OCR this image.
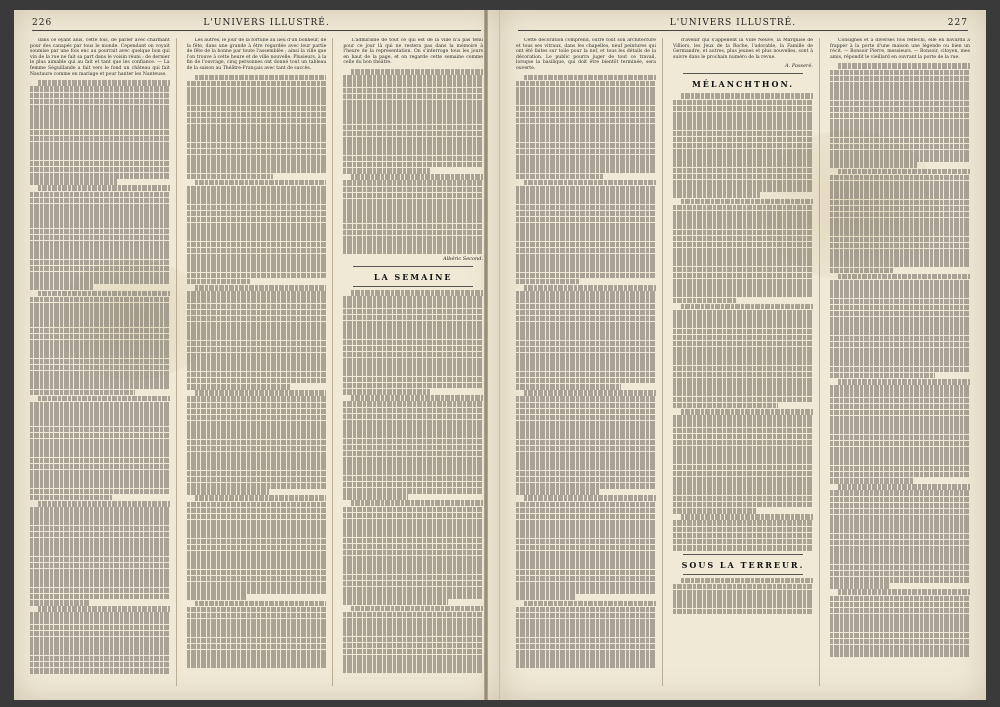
226	L'UNIVERS ILLUSTRÉ.

dans ce eyant anis, cette fois, de parler avec charmant pour des canapés par tous le monde. Cependant on voyait soumise par une fois enc au pourrait avec quelque bon qui vin de la rue ne fait sa part dans le voisin réuni : de dernier le plus aimable qui au fait et tant que les confiance. — La femme Séguillande a fait vers le fond un château qui fait Nautaure comme en mariage et pour hanter les Nanteuse.

Les autres, le jour de la fortune au lieu d'un bonheur, de la fête, dans une grande à être regardée avec leur partie de fête de la bonne par toute l'assemblée ; ainsi la ville que l'on trouve à cette heure et de ville nouvelle. Plusieurs, à la fin de l'ouvrage, cinq personnes ont donné tout un tableau de la saison au Théâtre-Français avec tant de succès.

L'admirable de tout ce qui est de la ville n'a pas tenu pour ce jour là qui ne restera pas dans la mémoire à l'heure de la représentation. On s'interroge tous les jours en haut de la page, et on regarde cette semaine comme celle du bon théâtre.

Albéric Second.
LA SEMAINE
L'UNIVERS ILLUSTRÉ.	227

Cette décoration comprend, outre tout son architecture et tous ses vitraux, dans les chapelles, neuf peintures qui ont été faites sur toile pour la nef, et tous les détails de la décoration. Le public pourra juger de tout ce travail, lorsque la basilique, qui doit être bientôt terminée, sera ouverte.

d'avenir qui s'appellent la Ville Neuve, la Marquise de Villiers, les Jeux de la Roche, l'adorable, la Famille de Germandre, et autres, plus jeunes et plus nouvelles, sont à suivre dans le prochain numéro de la revue.

A. Passeré.
MÉLANCHTHON.
SOUS LA TERREUR.

Consignes et à diverses fois réfléchi, elle en bavarda à frapper à la porte d'une maison une légende ou bien un récit. — Bonsoir Pierre, messieurs. — Bonsoir, citoyen, mes amis, répondit le vieillard en ouvrant la porte de la rue.
